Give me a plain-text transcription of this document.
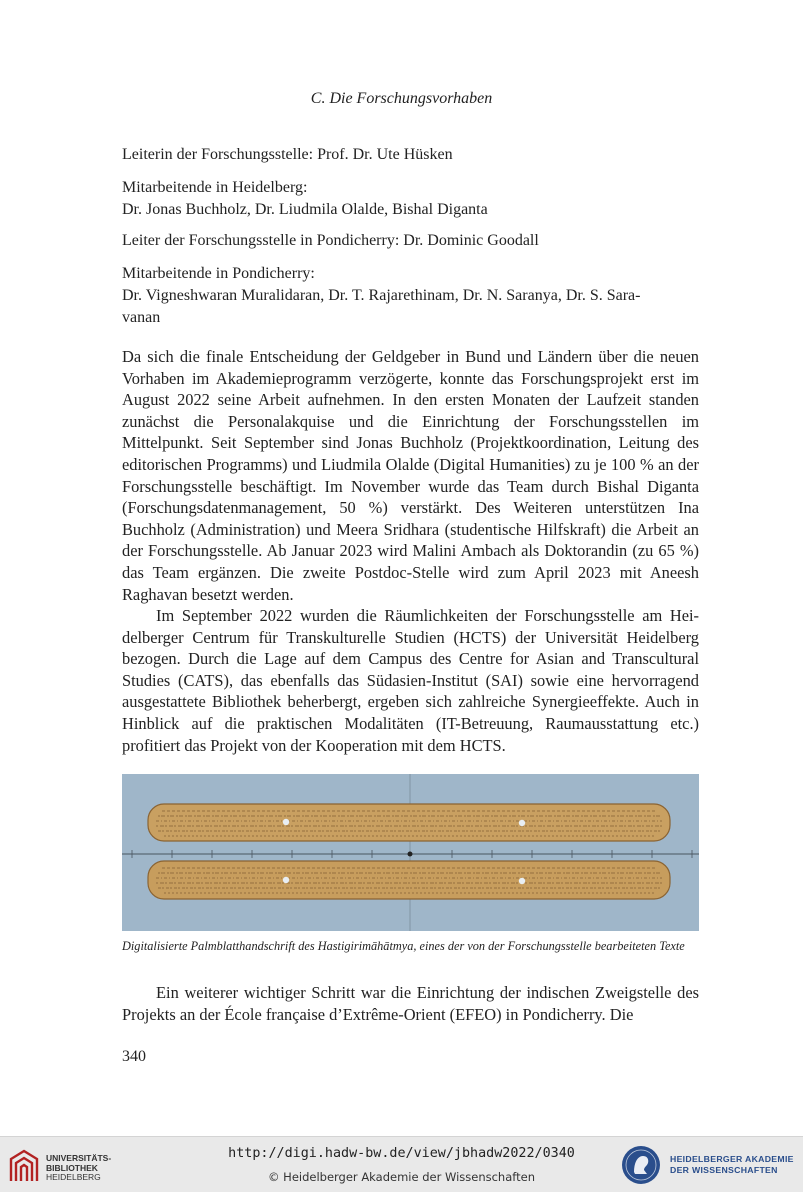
C. Die Forschungsvorhaben

Leiterin der Forschungsstelle: Prof. Dr. Ute Hüsken

Mitarbeitende in Heidelberg:

Dr. Jonas Buchholz, Dr. Liudmila Olalde, Bishal Diganta

Leiter der Forschungsstelle in Pondicherry: Dr. Dominic Goodall

Mitarbeitende in Pondicherry:

Dr. Vigneshwaran Muralidaran, Dr. T. Rajarethinam, Dr. N. Saranya, Dr. S. Sara-

vanan

Da sich die finale Entscheidung der Geldgeber in Bund und Ländern über die neuen Vorhaben im Akademieprogramm verzögerte, konnte das Forschungsprojekt erst im August 2022 seine Arbeit aufnehmen. In den ersten Monaten der Laufzeit standen zunächst die Personalakquise und die Einrichtung der Forschungsstellen im Mittelpunkt. Seit September sind Jonas Buchholz (Projektkoordination, Leitung des editorischen Programms) und Liudmila Olalde (Digital Humanities) zu je 100 % an der Forschungsstelle beschäftigt. Im November wurde das Team durch Bishal Diganta (Forschungsdatenmanagement, 50 %) verstärkt. Des Weiteren unterstützen Ina Buchholz (Administration) und Meera Sridhara (studentische Hilfskraft) die Arbeit an der Forschungsstelle. Ab Januar 2023 wird Malini Ambach als Doktorandin (zu 65 %) das Team ergänzen. Die zweite Postdoc-Stelle wird zum April 2023 mit Aneesh Raghavan besetzt werden.

Im September 2022 wurden die Räumlichkeiten der Forschungsstelle am Heidelberger Centrum für Transkulturelle Studien (HCTS) der Universität Heidelberg bezogen. Durch die Lage auf dem Campus des Centre for Asian and Transcultural Studies (CATS), das ebenfalls das Südasien-Institut (SAI) sowie eine hervorragend ausgestattete Bibliothek beherbergt, ergeben sich zahlreiche Synergieeffekte. Auch in Hinblick auf die praktischen Modalitäten (IT-Betreuung, Raumausstattung etc.) profitiert das Projekt von der Kooperation mit dem HCTS.

Digitalisierte Palmblatthandschrift des Hastigirimāhātmya, eines der von der Forschungsstelle bearbeiteten Texte

Ein weiterer wichtiger Schritt war die Einrichtung der indischen Zweigstelle des Projekts an der École française d’Extrême-Orient (EFEO) in Pondicherry. Die

340
UNIVERSITÄTS-
BIBLIOTHEK
HEIDELBERG
http://digi.hadw-bw.de/view/jbhadw2022/0340
© Heidelberger Akademie der Wissenschaften
HEIDELBERGER AKADEMIE
DER WISSENSCHAFTEN
